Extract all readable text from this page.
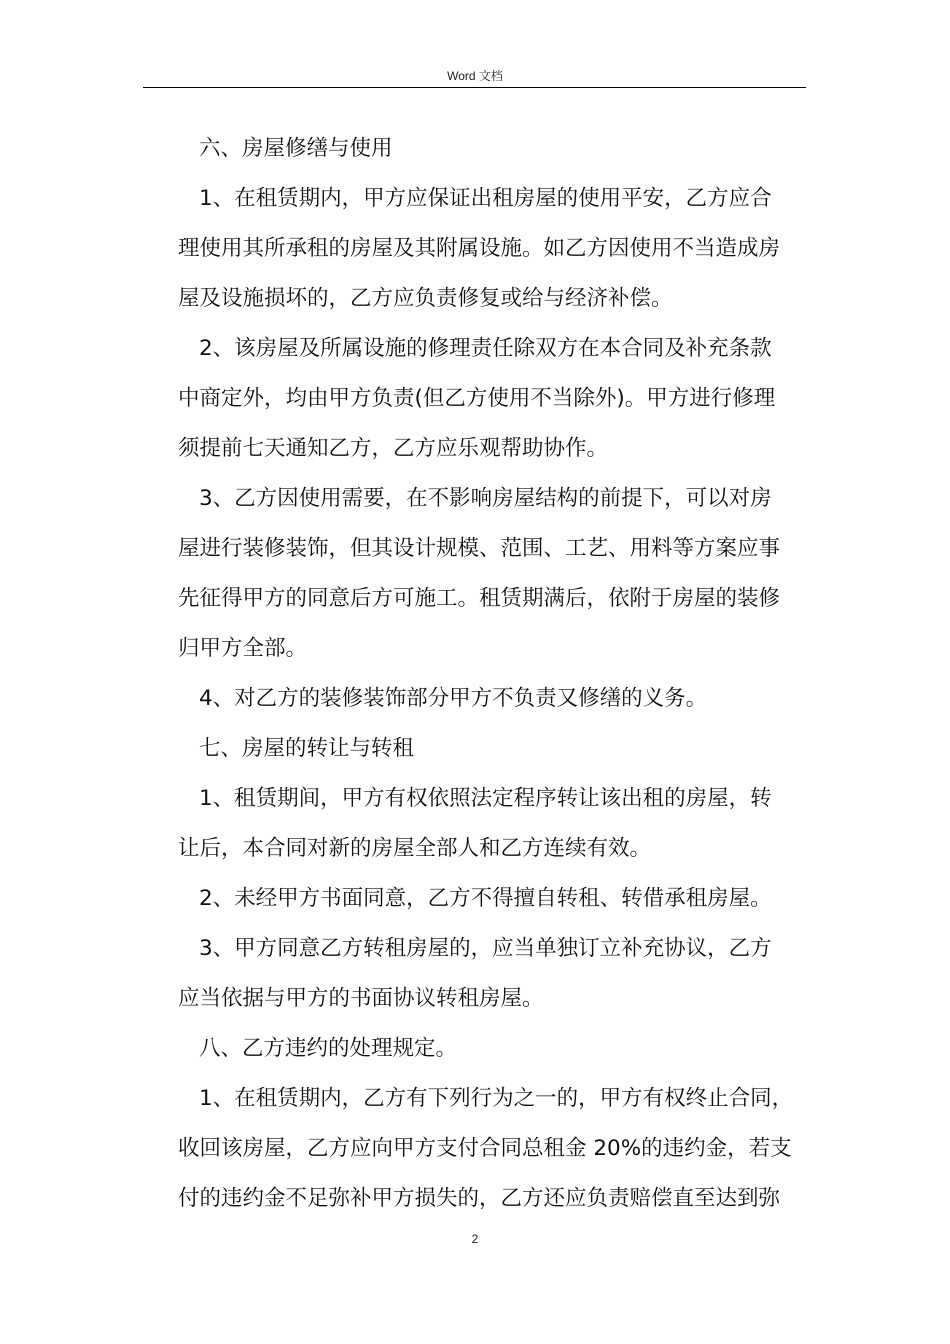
Word 文档
六、房屋修缮与使用
1、在租赁期内，甲方应保证出租房屋的使用平安，乙方应合
理使用其所承租的房屋及其附属设施。如乙方因使用不当造成房
屋及设施损坏的，乙方应负责修复或给与经济补偿。
2、该房屋及所属设施的修理责任除双方在本合同及补充条款
中商定外，均由甲方负责(但乙方使用不当除外)。甲方进行修理
须提前七天通知乙方，乙方应乐观帮助协作。
3、乙方因使用需要，在不影响房屋结构的前提下，可以对房
屋进行装修装饰，但其设计规模、范围、工艺、用料等方案应事
先征得甲方的同意后方可施工。租赁期满后，依附于房屋的装修
归甲方全部。
4、对乙方的装修装饰部分甲方不负责又修缮的义务。
七、房屋的转让与转租
1、租赁期间，甲方有权依照法定程序转让该出租的房屋，转
让后，本合同对新的房屋全部人和乙方连续有效。
2、未经甲方书面同意，乙方不得擅自转租、转借承租房屋。
3、甲方同意乙方转租房屋的，应当单独订立补充协议，乙方
应当依据与甲方的书面协议转租房屋。
八、乙方违约的处理规定。
1、在租赁期内，乙方有下列行为之一的，甲方有权终止合同，
收回该房屋，乙方应向甲方支付合同总租金 20%的违约金，若支
付的违约金不足弥补甲方损失的，乙方还应负责赔偿直至达到弥
2
